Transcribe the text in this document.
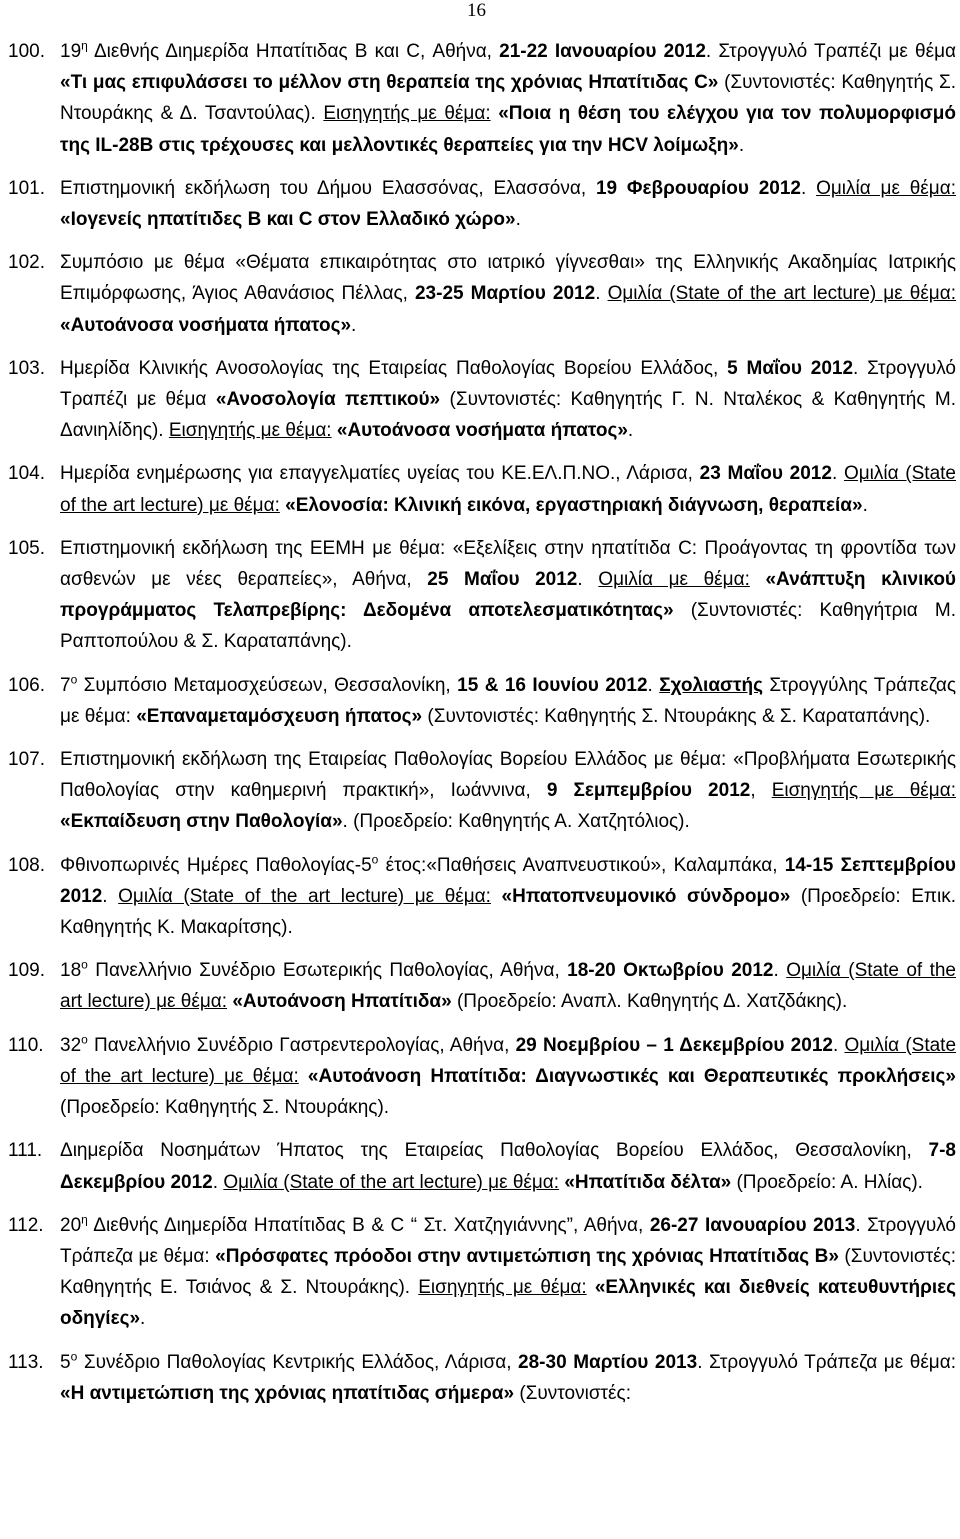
16
100. $19^\eta$ Διεθνής Διημερίδα Ηπατίτιδας Β και C, Αθήνα, 21-22 Ιανουαρίου 2012. Στρογγυλό Τραπέζι με θέμα «Τι μας επιφυλάσσει το μέλλον στη θεραπεία της χρόνιας Ηπατίτιδας C» (Συντονιστές: Καθηγητής Σ. Ντουράκης & Δ. Τσαντούλας). Εισηγητής με θέμα: «Ποια η θέση του ελέγχου για τον πολυμορφισμό της IL-28B στις τρέχουσες και μελλοντικές θεραπείες για την HCV λοίμωξη».
101. Επιστημονική εκδήλωση του Δήμου Ελασσόνας, Ελασσόνα, 19 Φεβρουαρίου 2012. Ομιλία με θέμα: «Ιογενείς ηπατίτιδες Β και C στον Ελλαδικό χώρο».
102. Συμπόσιο με θέμα «Θέματα επικαιρότητας στο ιατρικό γίγνεσθαι» της Ελληνικής Ακαδημίας Ιατρικής Επιμόρφωσης, Άγιος Αθανάσιος Πέλλας, 23-25 Μαρτίου 2012. Ομιλία (State of the art lecture) με θέμα: «Αυτοάνοσα νοσήματα ήπατος».
103. Ημερίδα Κλινικής Ανοσολογίας της Εταιρείας Παθολογίας Βορείου Ελλάδος, 5 Μαΐου 2012. Στρογγυλό Τραπέζι με θέμα «Ανοσολογία πεπτικού» (Συντονιστές: Καθηγητής Γ. Ν. Νταλέκος & Καθηγητής Μ. Δανιηλίδης). Εισηγητής με θέμα: «Αυτοάνοσα νοσήματα ήπατος».
104. Ημερίδα ενημέρωσης για επαγγελματίες υγείας του ΚΕ.ΕΛ.Π.ΝΟ., Λάρισα, 23 Μαΐου 2012. Ομιλία (State of the art lecture) με θέμα: «Ελονοσία: Κλινική εικόνα, εργαστηριακή διάγνωση, θεραπεία».
105. Επιστημονική εκδήλωση της ΕΕΜΗ με θέμα: «Εξελίξεις στην ηπατίτιδα C: Προάγοντας τη φροντίδα των ασθενών με νέες θεραπείες», Αθήνα, 25 Μαΐου 2012. Ομιλία με θέμα: «Ανάπτυξη κλινικού προγράμματος Τελαπρεβίρης: Δεδομένα αποτελεσματικότητας» (Συντονιστές: Καθηγήτρια Μ. Ραπτοπούλου & Σ. Καραταπάνης).
106. $7^o$ Συμπόσιο Μεταμοσχεύσεων, Θεσσαλονίκη, 15 & 16 Ιουνίου 2012. Σχολιαστής Στρογγύλης Τράπεζας με θέμα: «Επαναμεταμόσχευση ήπατος» (Συντονιστές: Καθηγητής Σ. Ντουράκης & Σ. Καραταπάνης).
107. Επιστημονική εκδήλωση της Εταιρείας Παθολογίας Βορείου Ελλάδος με θέμα: «Προβλήματα Εσωτερικής Παθολογίας στην καθημερινή πρακτική», Ιωάννινα, 9 Σεμπεμβρίου 2012, Εισηγητής με θέμα: «Εκπαίδευση στην Παθολογία». (Προεδρείο: Καθηγητής Α. Χατζητόλιος).
108. Φθινοπωρινές Ημέρες Παθολογίας-$5^o$ έτος:«Παθήσεις Αναπνευστικού», Καλαμπάκα, 14-15 Σεπτεμβρίου 2012. Ομιλία (State of the art lecture) με θέμα: «Ηπατοπνευμονικό σύνδρομο» (Προεδρείο: Επικ. Καθηγητής Κ. Μακαρίτσης).
109. $18^o$ Πανελλήνιο Συνέδριο Εσωτερικής Παθολογίας, Αθήνα, 18-20 Οκτωβρίου 2012. Ομιλία (State of the art lecture) με θέμα: «Αυτοάνοση Ηπατίτιδα» (Προεδρείο: Αναπλ. Καθηγητής Δ. Χατζδάκης).
110. $32^o$ Πανελλήνιο Συνέδριο Γαστρεντερολογίας, Αθήνα, 29 Νοεμβρίου – 1 Δεκεμβρίου 2012. Ομιλία (State of the art lecture) με θέμα: «Αυτοάνοση Ηπατίτιδα: Διαγνωστικές και Θεραπευτικές προκλήσεις» (Προεδρείο: Καθηγητής Σ. Ντουράκης).
111. Διημερίδα Νοσημάτων Ήπατος της Εταιρείας Παθολογίας Βορείου Ελλάδος, Θεσσαλονίκη, 7-8 Δεκεμβρίου 2012. Ομιλία (State of the art lecture) με θέμα: «Ηπατίτιδα δέλτα» (Προεδρείο: Α. Ηλίας).
112. $20^\eta$ Διεθνής Διημερίδα Ηπατίτιδας Β & C “ Στ. Χατζηγιάννης”, Αθήνα, 26-27 Ιανουαρίου 2013. Στρογγυλό Τράπεζα με θέμα: «Πρόσφατες πρόοδοι στην αντιμετώπιση της χρόνιας Ηπατίτιδας Β» (Συντονιστές: Καθηγητής Ε. Τσιάνος & Σ. Ντουράκης). Εισηγητής με θέμα: «Ελληνικές και διεθνείς κατευθυντήριες οδηγίες».
113. $5^o$ Συνέδριο Παθολογίας Κεντρικής Ελλάδος, Λάρισα, 28-30 Μαρτίου 2013. Στρογγυλό Τράπεζα με θέμα: «Η αντιμετώπιση της χρόνιας ηπατίτιδας σήμερα» (Συντονιστές:
